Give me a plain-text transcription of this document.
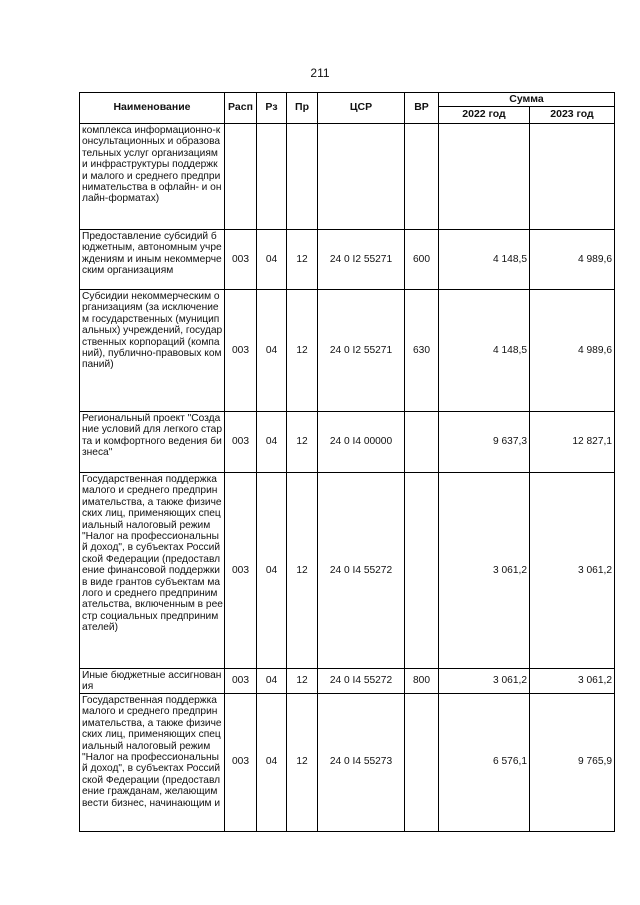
211
Наименование	Расп	Рз	Пр	ЦСР	ВР	Сумма	
						2022 год	2023 год
комплекса информационно-консультационных и образовательных услуг организациями инфраструктуры поддержки малого и среднего предпринимательства в офлайн- и онлайн-форматах)							
Предоставление субсидий бюджетным, автономным учреждениям и иным некоммерческим организациям	003	04	12	24 0 I2 55271	600	4 148,5	4 989,6
Субсидии некоммерческим организациям (за исключением государственных (муниципальных) учреждений, государственных корпораций (компаний), публично-правовых компаний)	003	04	12	24 0 I2 55271	630	4 148,5	4 989,6
Региональный проект "Создание условий для легкого старта и комфортного ведения бизнеса"	003	04	12	24 0 I4 00000		9 637,3	12 827,1
Государственная поддержка малого и среднего предпринимательства, а также физических лиц, применяющих специальный налоговый режим "Налог на профессиональный доход", в субъектах Российской Федерации (предоставление финансовой поддержки в виде грантов субъектам малого и среднего предпринимательства, включенным в реестр социальных предпринимателей)	003	04	12	24 0 I4 55272		3 061,2	3 061,2
Иные бюджетные ассигнования	003	04	12	24 0 I4 55272	800	3 061,2	3 061,2
Государственная поддержка малого и среднего предпринимательства, а также физических лиц, применяющих специальный налоговый режим "Налог на профессиональный доход", в субъектах Российской Федерации (предоставление гражданам, желающим вести бизнес, начинающим и	003	04	12	24 0 I4 55273		6 576,1	9 765,9
